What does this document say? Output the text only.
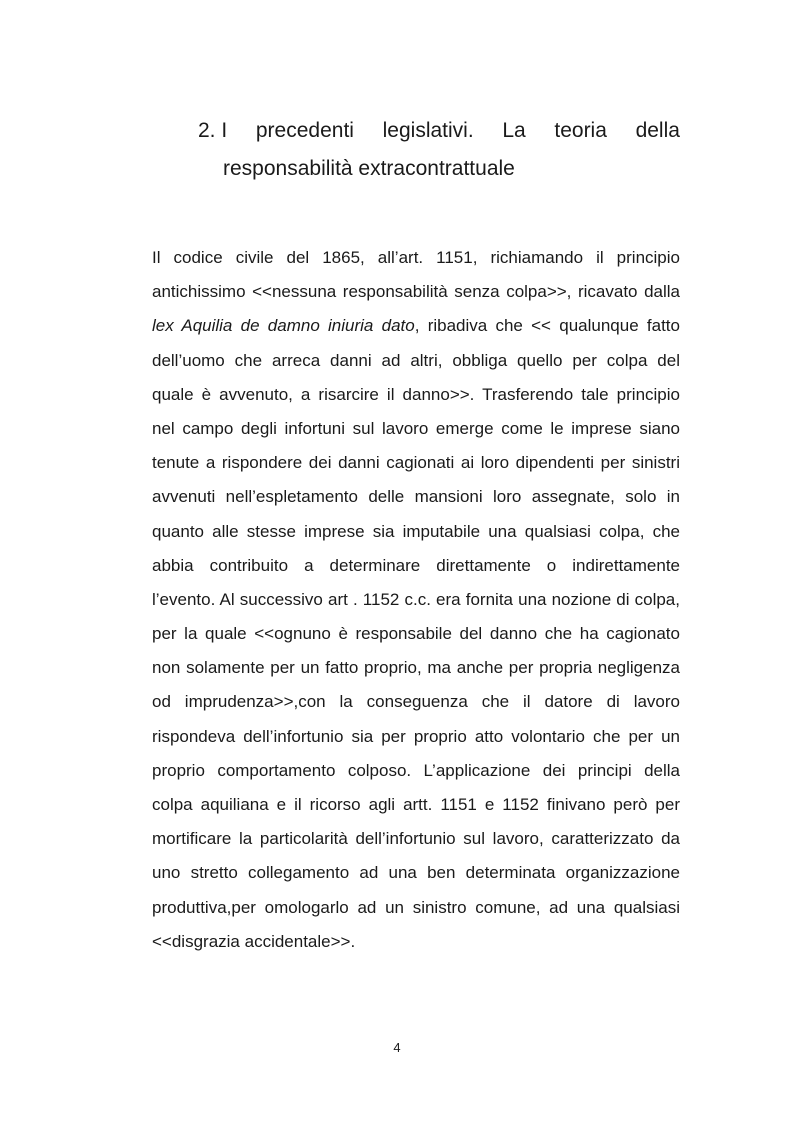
2. I precedenti legislativi. La teoria della
responsabilità extracontrattuale
Il codice civile del 1865, all’art. 1151, richiamando il principio
antichissimo <<nessuna responsabilità senza colpa>>, ricavato dalla
lex Aquilia de damno iniuria dato, ribadiva che << qualunque fatto
dell’uomo che arreca danni ad altri, obbliga quello per colpa del
quale è avvenuto, a risarcire il danno>>. Trasferendo tale principio
nel campo degli infortuni sul lavoro emerge come le imprese siano
tenute a rispondere dei danni cagionati ai loro dipendenti per sinistri
avvenuti nell’espletamento delle mansioni loro assegnate, solo in
quanto alle stesse imprese sia imputabile una qualsiasi colpa, che
abbia contribuito a determinare direttamente o indirettamente
l’evento. Al successivo art . 1152 c.c. era fornita una nozione di colpa,
per la quale <<ognuno è responsabile del danno che ha cagionato
non solamente per un fatto proprio, ma anche per propria negligenza
od imprudenza>>,con la conseguenza che il datore di lavoro
rispondeva dell’infortunio sia per proprio atto volontario che per un
proprio comportamento colposo. L’applicazione dei principi della
colpa aquiliana e il ricorso agli artt. 1151 e 1152 finivano però per
mortificare la particolarità dell’infortunio sul lavoro, caratterizzato da
uno stretto collegamento ad una ben determinata organizzazione
produttiva,per omologarlo ad un sinistro comune, ad una qualsiasi
<<disgrazia accidentale>>.
4
